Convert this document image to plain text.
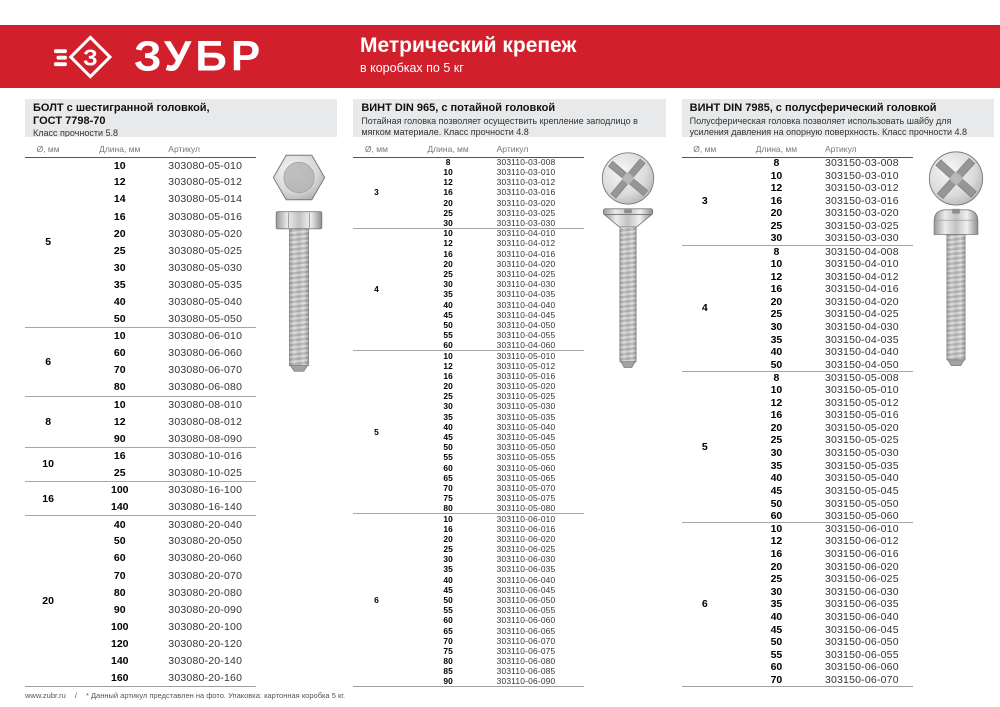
З ЗУБР	Метрический крепеж
в коробках по 5 кг
БОЛТ с шестигранной головкой,
ГОСТ 7798-70
Класс прочности 5.8
Ø, мм	Длина, мм	Артикул
5	10	303080-05-010
	12	303080-05-012
	14	303080-05-014
	16	303080-05-016
	20	303080-05-020
	25	303080-05-025
	30	303080-05-030
	35	303080-05-035
	40	303080-05-040
	50	303080-05-050
6	10	303080-06-010
	60	303080-06-060
	70	303080-06-070
	80	303080-06-080
8	10	303080-08-010
	12	303080-08-012
	90	303080-08-090
10	16	303080-10-016
	25	303080-10-025
16	100	303080-16-100
	140	303080-16-140
20	40	303080-20-040
	50	303080-20-050
	60	303080-20-060
	70	303080-20-070
	80	303080-20-080
	90	303080-20-090
	100	303080-20-100
	120	303080-20-120
	140	303080-20-140
	160	303080-20-160
ВИНТ DIN 965, с потайной головкой
Потайная головка позволяет осуществить крепление заподлицо в мягком материале. Класс прочности 4.8
Ø, мм	Длина, мм	Артикул
3	8	303110-03-008
	10	303110-03-010
	12	303110-03-012
	16	303110-03-016
	20	303110-03-020
	25	303110-03-025
	30	303110-03-030
4	10	303110-04-010
	12	303110-04-012
	16	303110-04-016
	20	303110-04-020
	25	303110-04-025
	30	303110-04-030
	35	303110-04-035
	40	303110-04-040
	45	303110-04-045
	50	303110-04-050
	55	303110-04-055
	60	303110-04-060
5	10	303110-05-010
	12	303110-05-012
	16	303110-05-016
	20	303110-05-020
	25	303110-05-025
	30	303110-05-030
	35	303110-05-035
	40	303110-05-040
	45	303110-05-045
	50	303110-05-050
	55	303110-05-055
	60	303110-05-060
	65	303110-05-065
	70	303110-05-070
	75	303110-05-075
	80	303110-05-080
6	10	303110-06-010
	16	303110-06-016
	20	303110-06-020
	25	303110-06-025
	30	303110-06-030
	35	303110-06-035
	40	303110-06-040
	45	303110-06-045
	50	303110-06-050
	55	303110-06-055
	60	303110-06-060
	65	303110-06-065
	70	303110-06-070
	75	303110-06-075
	80	303110-06-080
	85	303110-06-085
	90	303110-06-090
ВИНТ DIN 7985, с полусферический головкой
Полусферическая головка позволяет использовать шайбу для усиления давления на опорную поверхность. Класс прочности 4.8
Ø, мм	Длина, мм	Артикул
3	8	303150-03-008
	10	303150-03-010
	12	303150-03-012
	16	303150-03-016
	20	303150-03-020
	25	303150-03-025
	30	303150-03-030
4	8	303150-04-008
	10	303150-04-010
	12	303150-04-012
	16	303150-04-016
	20	303150-04-020
	25	303150-04-025
	30	303150-04-030
	35	303150-04-035
	40	303150-04-040
	50	303150-04-050
5	8	303150-05-008
	10	303150-05-010
	12	303150-05-012
	16	303150-05-016
	20	303150-05-020
	25	303150-05-025
	30	303150-05-030
	35	303150-05-035
	40	303150-05-040
	45	303150-05-045
	50	303150-05-050
	60	303150-05-060
6	10	303150-06-010
	12	303150-06-012
	16	303150-06-016
	20	303150-06-020
	25	303150-06-025
	30	303150-06-030
	35	303150-06-035
	40	303150-06-040
	45	303150-06-045
	50	303150-06-050
	55	303150-06-055
	60	303150-06-060
	70	303150-06-070
www.zubr.ru / * Данный артикул представлен на фото. Упаковка: картонная коробка 5 кг.
